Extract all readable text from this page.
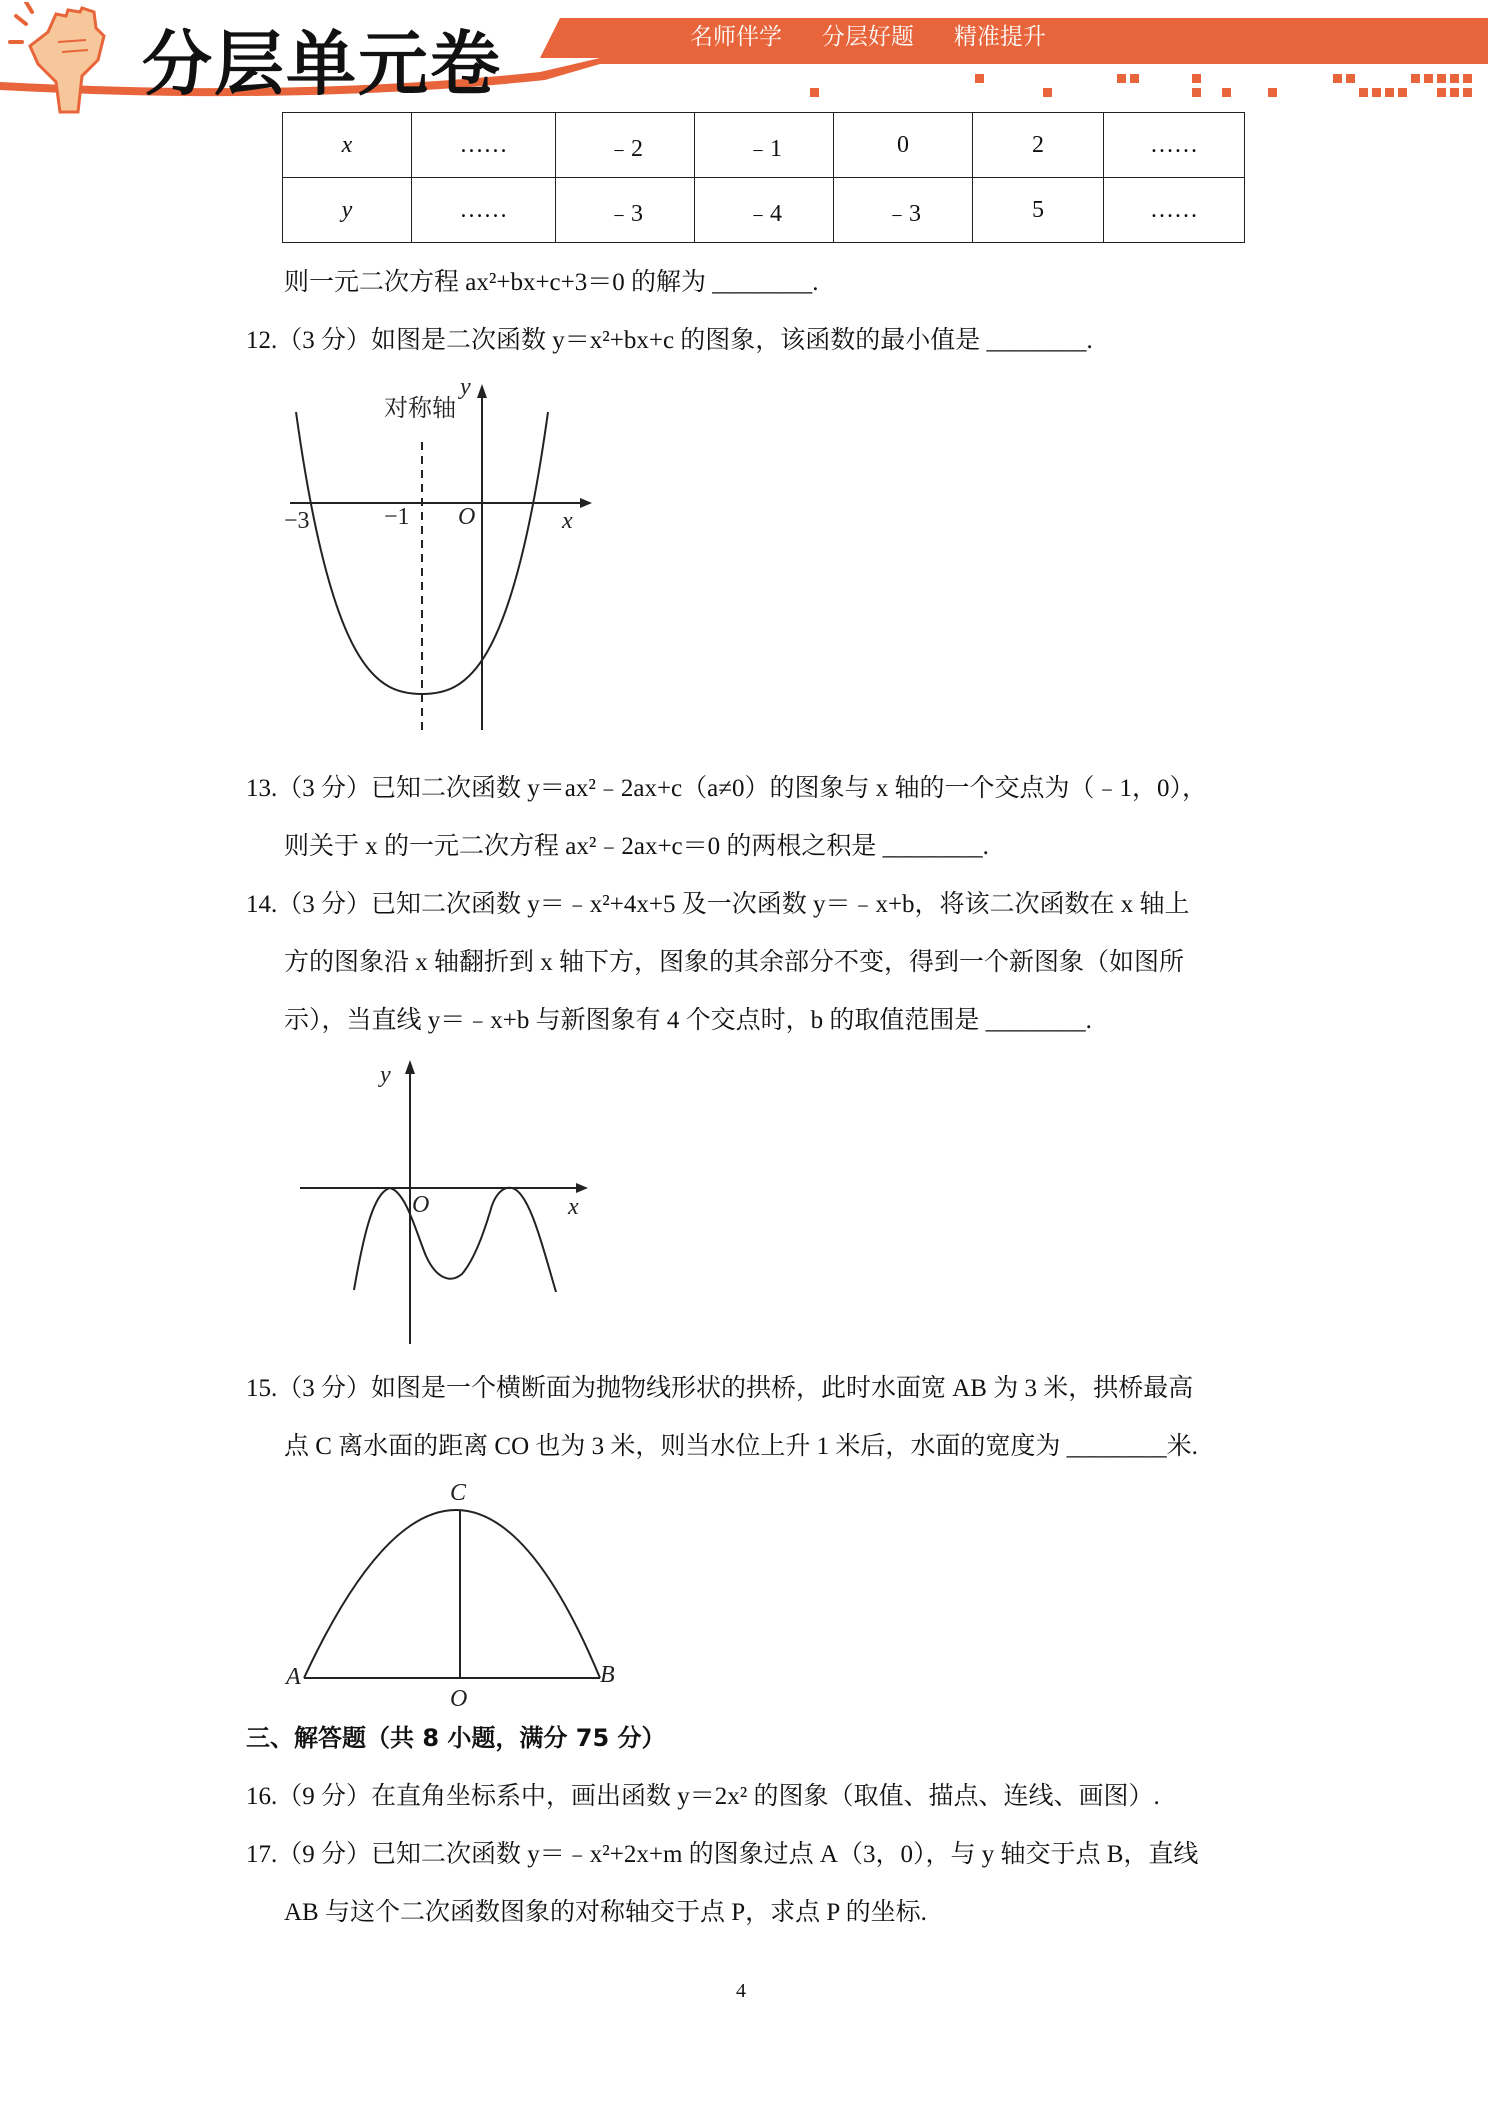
分层单元卷	名师伴学   分层好题   精准提升
x	……	﹣2	﹣1	0	2	……
y	……	﹣3	﹣4	﹣3	5	……
则一元二次方程 ax²+bx+c+3＝0 的解为 ________.
12.（3 分）如图是二次函数 y＝x²+bx+c 的图象，该函数的最小值是 ________.
对称轴
y
x
O
−3	−1
13.（3 分）已知二次函数 y＝ax²﹣2ax+c（a≠0）的图象与 x 轴的一个交点为（﹣1，0），
则关于 x 的一元二次方程 ax²﹣2ax+c＝0 的两根之积是 ________.
14.（3 分）已知二次函数 y＝﹣x²+4x+5 及一次函数 y＝﹣x+b，将该二次函数在 x 轴上
方的图象沿 x 轴翻折到 x 轴下方，图象的其余部分不变，得到一个新图象（如图所
示），当直线 y＝﹣x+b 与新图象有 4 个交点时，b 的取值范围是 ________.
y
x
O
15.（3 分）如图是一个横断面为抛物线形状的拱桥，此时水面宽 AB 为 3 米，拱桥最高
点 C 离水面的距离 CO 也为 3 米，则当水位上升 1 米后，水面的宽度为 ________米.
C
A	B
O
三、解答题（共 8 小题，满分 75 分）
16.（9 分）在直角坐标系中，画出函数 y＝2x² 的图象（取值、描点、连线、画图）.
17.（9 分）已知二次函数 y＝﹣x²+2x+m 的图象过点 A（3，0），与 y 轴交于点 B，直线
AB 与这个二次函数图象的对称轴交于点 P，求点 P 的坐标.
4
